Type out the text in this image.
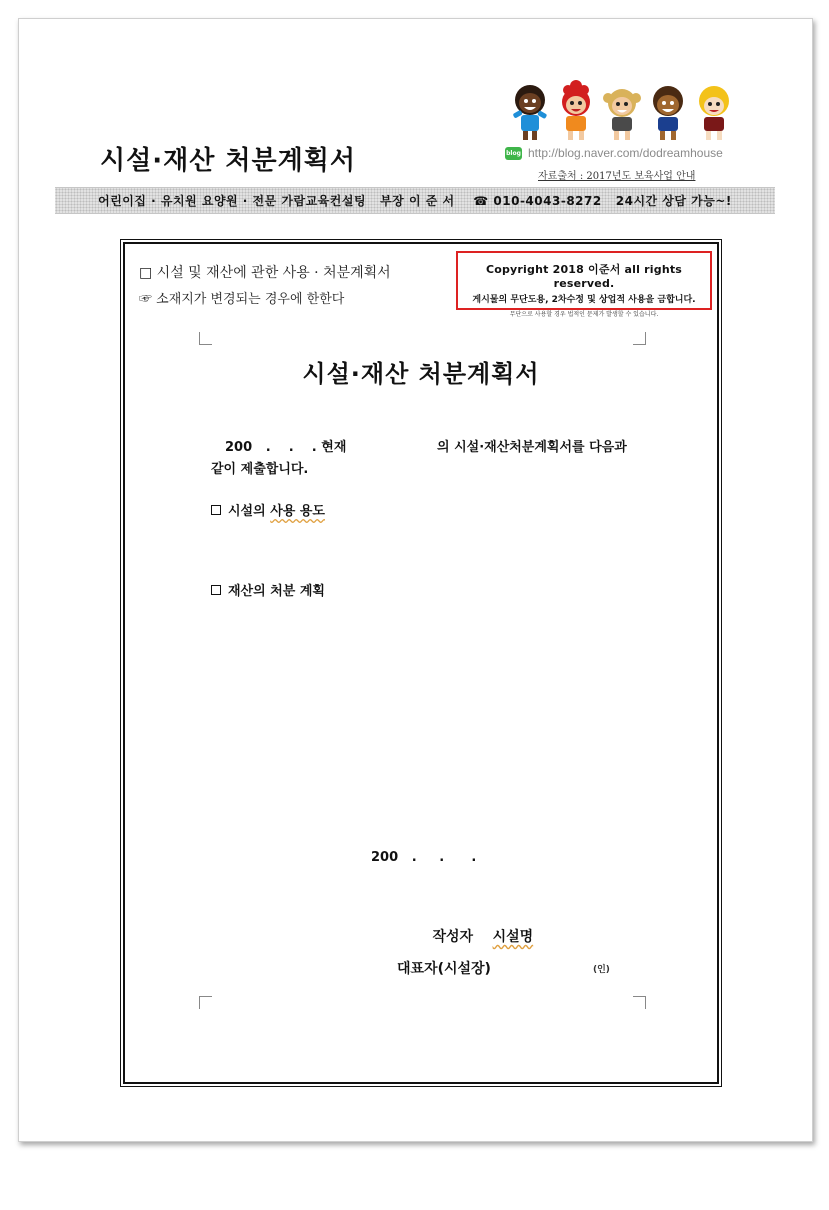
시설·재산 처분계획서	blog http://blog.naver.com/dodreamhouse
자료출처 : 2017년도 보육사업 안내
어린이집 · 유치원 요양원 · 전문 가람교육컨설팅   부장 이 준 서    ☎ 010-4043-8272   24시간 상담 가능~!
□ 시설 및 재산에 관한 사용 · 처분계획서
☞ 소재지가 변경되는 경우에 한한다
Copyright 2018 이준서 all rights reserved.
게시물의 무단도용, 2차수정 및 상업적 사용을 금합니다.
무단으로 사용할 경우 법적인 문제가 발생할 수 있습니다.
시설·재산 처분계획서
200   .    .    . 현재	의 시설·재산처분계획서를 다음과
같이 제출합니다.
시설의 사용 용도
재산의 처분 계획
200   .     .      .

작성자 시설명

대표자(시설장)	(인)
